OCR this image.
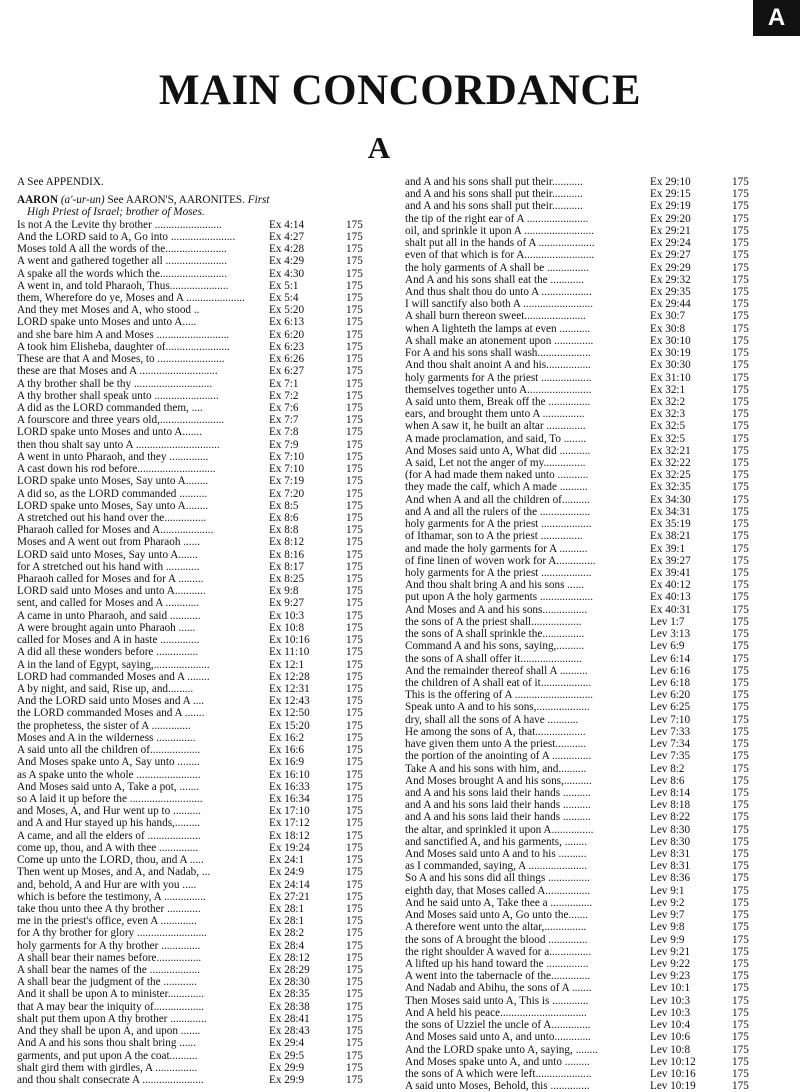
A
MAIN CONCORDANCE
A
A See APPENDIX.
AARON (a'-ur-un) See AARON'S, AARONITES. First
High Priest of Israel; brother of Moses.
Is not A the Levite thy brother ........................	Ex 4:14	175
And the LORD said to A, Go into .......................	Ex 4:27	175
Moses told A all the words of the......................	Ex 4:28	175
A went and gathered together all ......................	Ex 4:29	175
A spake all the words which the........................	Ex 4:30	175
A went in, and told Pharaoh, Thus.....................	Ex 5:1	175
them, Wherefore do ye, Moses and A .....................	Ex 5:4	175
And they met Moses and A, who stood ..	Ex 5:20	175
LORD spake unto Moses and unto A.....	Ex 6:13	175
and she bare him A and Moses ..........................	Ex 6:20	175
A took him Elisheba, daughter of.......................	Ex 6:23	175
These are that A and Moses, to ........................	Ex 6:26	175
these are that Moses and A ............................	Ex 6:27	175
A thy brother shall be thy ............................	Ex 7:1	175
A thy brother shall speak unto .......................	Ex 7:2	175
A did as the LORD commanded them, ....	Ex 7:6	175
A fourscore and three years old,.......................	Ex 7:7	175
LORD spake unto Moses and unto A.......	Ex 7:8	175
then thou shalt say unto A ..............................	Ex 7:9	175
A went in unto Pharaoh, and they ..............	Ex 7:10	175
A cast down his rod before............................	Ex 7:10	175
LORD spake unto Moses, Say unto A........	Ex 7:19	175
A did so, as the LORD commanded ..........	Ex 7:20	175
LORD spake unto Moses, Say unto A........	Ex 8:5	175
A stretched out his hand over the...............	Ex 8:6	175
Pharaoh called for Moses and A...................	Ex 8:8	175
Moses and A went out from Pharaoh ......	Ex 8:12	175
LORD said unto Moses, Say unto A.......	Ex 8:16	175
for A stretched out his hand with ............	Ex 8:17	175
Pharaoh called for Moses and for A .........	Ex 8:25	175
LORD said unto Moses and unto A...........	Ex 9:8	175
sent, and called for Moses and A ............	Ex 9:27	175
A came in unto Pharaoh, and said ...........	Ex 10:3	175
A were brought again unto Pharaoh ......	Ex 10:8	175
called for Moses and A in haste ..............	Ex 10:16	175
A did all these wonders before ...............	Ex 11:10	175
A in the land of Egypt, saying,....................	Ex 12:1	175
LORD had commanded Moses and A ........	Ex 12:28	175
A by night, and said, Rise up, and.........	Ex 12:31	175
And the LORD said unto Moses and A ....	Ex 12:43	175
the LORD commanded Moses and A .......	Ex 12:50	175
the prophetess, the sister of A ..............	Ex 15:20	175
Moses and A in the wilderness ..............	Ex 16:2	175
A said unto all the children of..................	Ex 16:6	175
And Moses spake unto A, Say unto ........	Ex 16:9	175
as A spake unto the whole .......................	Ex 16:10	175
And Moses said unto A, Take a pot, .......	Ex 16:33	175
so A laid it up before the ..........................	Ex 16:34	175
and Moses, A, and Hur went up to ..........	Ex 17:10	175
and A and Hur stayed up his hands,.........	Ex 17:12	175
A came, and all the elders of ...................	Ex 18:12	175
come up, thou, and A with thee ..............	Ex 19:24	175
Come up unto the LORD, thou, and A .....	Ex 24:1	175
Then went up Moses, and A, and Nadab, ...	Ex 24:9	175
and, behold, A and Hur are with you .....	Ex 24:14	175
which is before the testimony, A ...............	Ex 27:21	175
take thou unto thee A thy brother ............	Ex 28:1	175
me in the priest's office, even A .............	Ex 28:1	175
for A thy brother for glory .........................	Ex 28:2	175
holy garments for A thy brother ..............	Ex 28:4	175
A shall bear their names before................	Ex 28:12	175
A shall bear the names of the ..................	Ex 28:29	175
A shall bear the judgment of the ............	Ex 28:30	175
And it shall be upon A to minister.............	Ex 28:35	175
that A may bear the iniquity of..................	Ex 28:38	175
shalt put them upon A thy brother .............	Ex 28:41	175
And they shall be upon A, and upon .......	Ex 28:43	175
And A and his sons thou shalt bring ......	Ex 29:4	175
garments, and put upon A the coat..........	Ex 29:5	175
shalt gird them with girdles, A ...............	Ex 29:9	175
and thou shalt consecrate A ......................	Ex 29:9	175
and A and his sons shall put their...........	Ex 29:10	175
and A and his sons shall put their...........	Ex 29:15	175
and A and his sons shall put their...........	Ex 29:19	175
the tip of the right ear of A ......................	Ex 29:20	175
oil, and sprinkle it upon A .........................	Ex 29:21	175
shalt put all in the hands of A ....................	Ex 29:24	175
even of that which is for A.........................	Ex 29:27	175
the holy garments of A shall be ...............	Ex 29:29	175
And A and his sons shall eat the ............	Ex 29:32	175
And thus shalt thou do unto A ..................	Ex 29:35	175
I will sanctify also both A .........................	Ex 29:44	175
A shall burn thereon sweet......................	Ex 30:7	175
when A lighteth the lamps at even ...........	Ex 30:8	175
A shall make an atonement upon ..............	Ex 30:10	175
For A and his sons shall wash...................	Ex 30:19	175
And thou shalt anoint A and his................	Ex 30:30	175
holy garments for A the priest ..................	Ex 31:10	175
themselves together unto A.......................	Ex 32:1	175
A said unto them, Break off the ...............	Ex 32:2	175
ears, and brought them unto A ...............	Ex 32:3	175
when A saw it, he built an altar ..............	Ex 32:5	175
A made proclamation, and said, To ........	Ex 32:5	175
And Moses said unto A, What did ...........	Ex 32:21	175
A said, Let not the anger of my...............	Ex 32:22	175
(for A had made them naked unto ...........	Ex 32:25	175
they made the calf, which A made ..........	Ex 32:35	175
And when A and all the children of..........	Ex 34:30	175
and A and all the rulers of the ..................	Ex 34:31	175
holy garments for A the priest ..................	Ex 35:19	175
of Ithamar, son to A the priest ...............	Ex 38:21	175
and made the holy garments for A ..........	Ex 39:1	175
of fine linen of woven work for A..............	Ex 39:27	175
holy garments for A the priest ..................	Ex 39:41	175
And thou shalt bring A and his sons ......	Ex 40:12	175
put upon A the holy garments ...................	Ex 40:13	175
And Moses and A and his sons................	Ex 40:31	175
the sons of A the priest shall..................	Lev 1:7	175
the sons of A shall sprinkle the...............	Lev 3:13	175
Command A and his sons, saying,..........	Lev 6:9	175
the sons of A shall offer it......................	Lev 6:14	175
And the remainder thereof shall A ..........	Lev 6:16	175
the children of A shall eat of it..................	Lev 6:18	175
This is the offering of A ............................	Lev 6:20	175
Speak unto A and to his sons,...................	Lev 6:25	175
dry, shall all the sons of A have ...........	Lev 7:10	175
He among the sons of A, that..................	Lev 7:33	175
have given them unto A the priest...........	Lev 7:34	175
the portion of the anointing of A ..............	Lev 7:35	175
Take A and his sons with him, and..........	Lev 8:2	175
And Moses brought A and his sons,..........	Lev 8:6	175
and A and his sons laid their hands ..........	Lev 8:14	175
and A and his sons laid their hands ..........	Lev 8:18	175
and A and his sons laid their hands ..........	Lev 8:22	175
the altar, and sprinkled it upon A...............	Lev 8:30	175
and sanctified A, and his garments, ........	Lev 8:30	175
And Moses said unto A and to his ..........	Lev 8:31	175
as I commanded, saying, A .....................	Lev 8:31	175
So A and his sons did all things ...............	Lev 8:36	175
eighth day, that Moses called A................	Lev 9:1	175
And he said unto A, Take thee a ...............	Lev 9:2	175
And Moses said unto A, Go unto the.......	Lev 9:7	175
A therefore went unto the altar,...............	Lev 9:8	175
the sons of A brought the blood ..............	Lev 9:9	175
the right shoulder A waved for a...............	Lev 9:21	175
A lifted up his hand toward the ...............	Lev 9:22	175
A went into the tabernacle of the..............	Lev 9:23	175
And Nadab and Abihu, the sons of A .......	Lev 10:1	175
Then Moses said unto A, This is .............	Lev 10:3	175
And A held his peace...............................	Lev 10:3	175
the sons of Uzziel the uncle of A..............	Lev 10:4	175
And Moses said unto A, and unto.............	Lev 10:6	175
And the LORD spake unto A, saying, ........	Lev 10:8	175
And Moses spake unto A, and unto .........	Lev 10:12	175
the sons of A which were left....................	Lev 10:16	175
A said unto Moses, Behold, this ..............	Lev 10:19	175
